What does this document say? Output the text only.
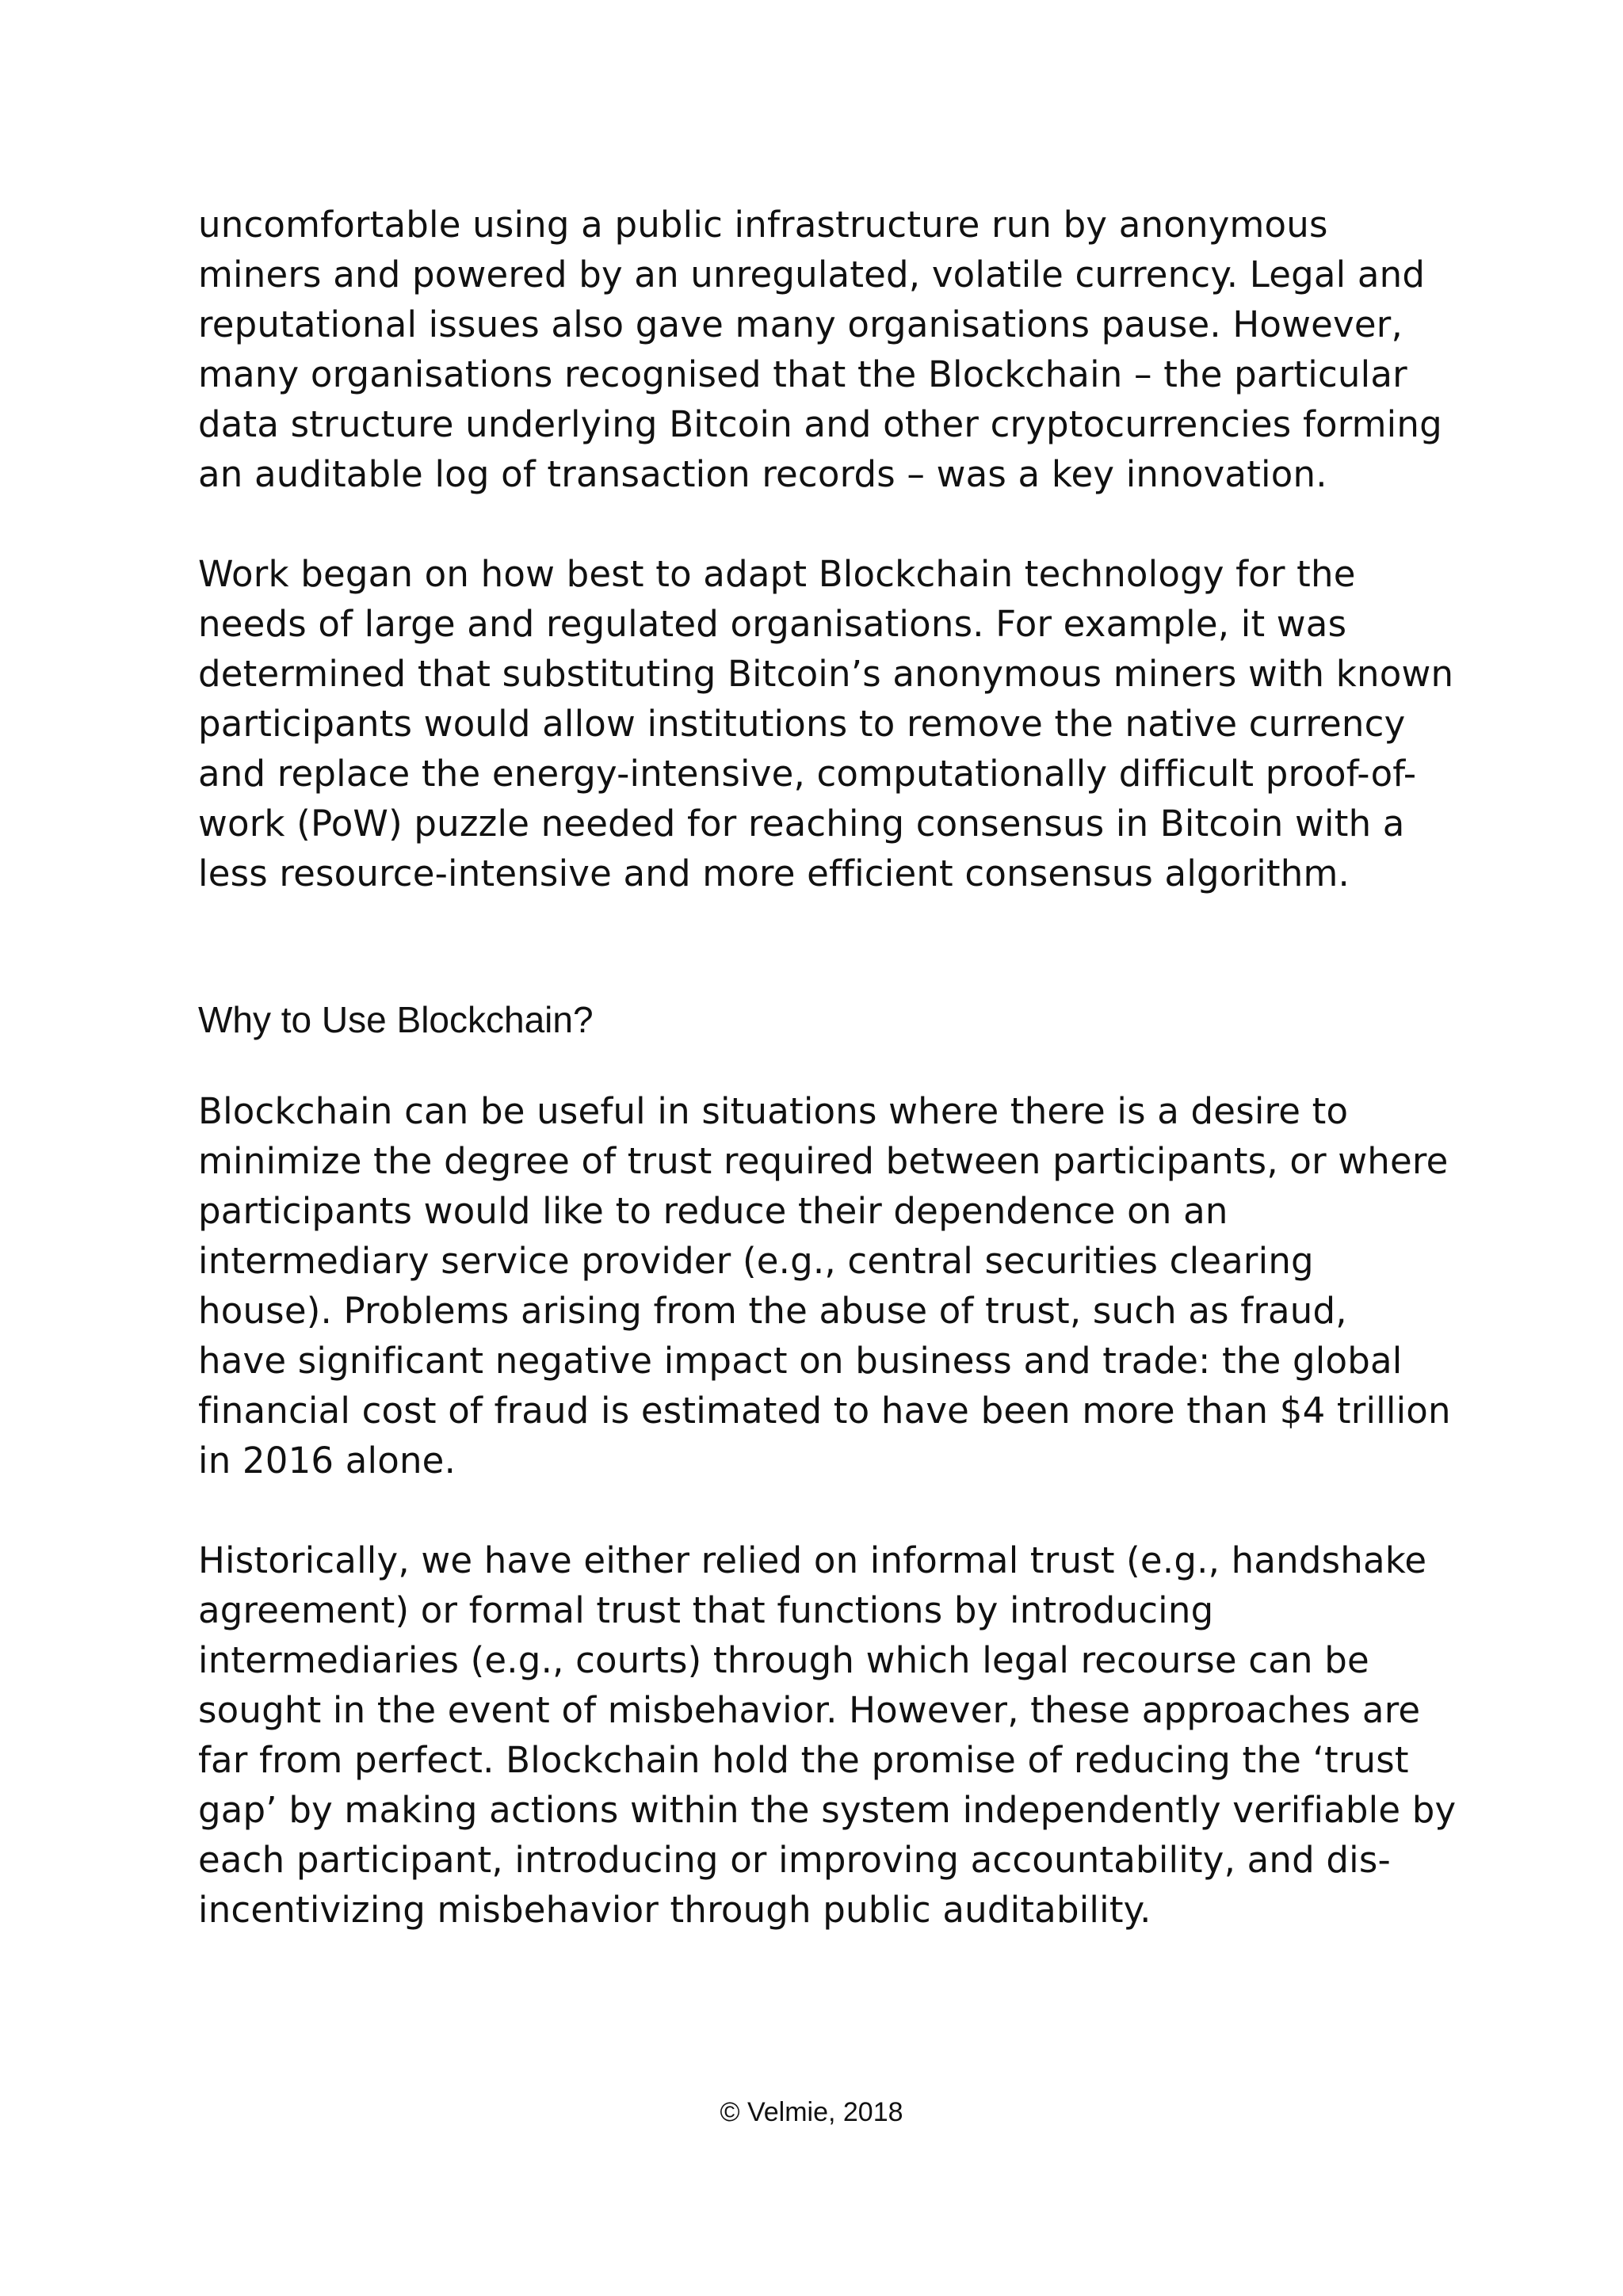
uncomfortable using a public infrastructure run by anonymous
miners and powered by an unregulated, volatile currency. Legal and
reputational issues also gave many organisations pause. However,
many organisations recognised that the Blockchain – the particular
data structure underlying Bitcoin and other cryptocurrencies forming
an auditable log of transaction records – was a key innovation.
Work began on how best to adapt Blockchain technology for the
needs of large and regulated organisations. For example, it was
determined that substituting Bitcoin’s anonymous miners with known
participants would allow institutions to remove the native currency
and replace the energy-intensive, computationally difficult proof-of-
work (PoW) puzzle needed for reaching consensus in Bitcoin with a
less resource-intensive and more efficient consensus algorithm.
Why to Use Blockchain?
Blockchain can be useful in situations where there is a desire to
minimize the degree of trust required between participants, or where
participants would like to reduce their dependence on an
intermediary service provider (e.g., central securities clearing
house). Problems arising from the abuse of trust, such as fraud,
have significant negative impact on business and trade: the global
financial cost of fraud is estimated to have been more than $4 trillion
in 2016 alone.
Historically, we have either relied on informal trust (e.g., handshake
agreement) or formal trust that functions by introducing
intermediaries (e.g., courts) through which legal recourse can be
sought in the event of misbehavior. However, these approaches are
far from perfect. Blockchain hold the promise of reducing the ‘trust
gap’ by making actions within the system independently verifiable by
each participant, introducing or improving accountability, and dis-
incentivizing misbehavior through public auditability.
© Velmie, 2018
